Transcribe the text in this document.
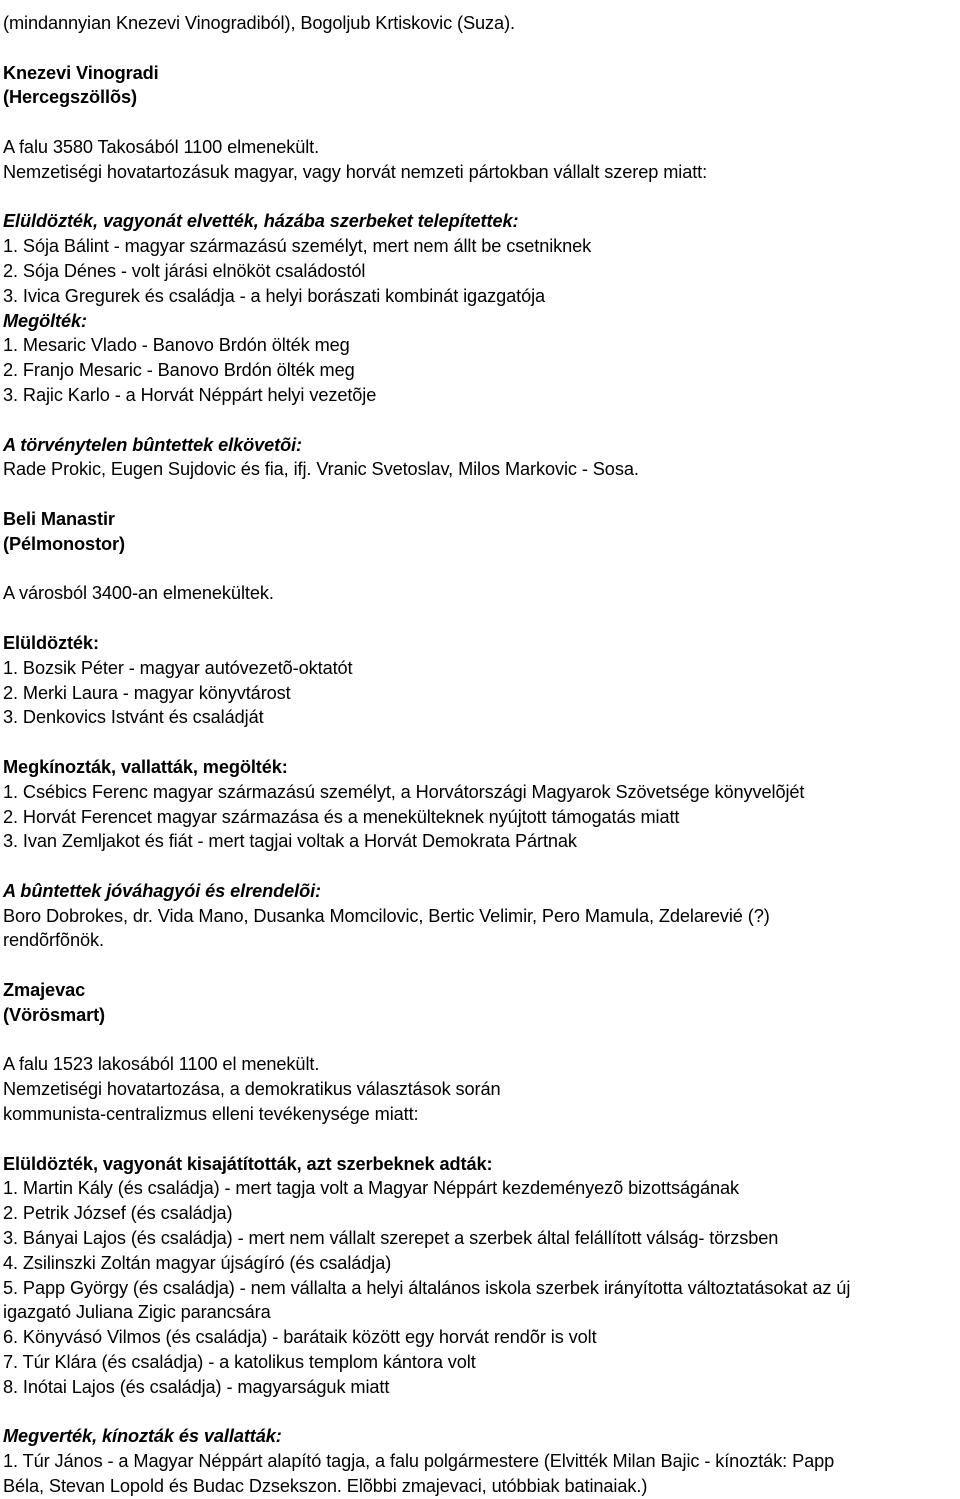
(mindannyian Knezevi Vinogradiból), Bogoljub Krtiskovic (Suza).
Knezevi Vinogradi
(Hercegszöllõs)
A falu 3580 Takosából 1100 elmenekült.
Nemzetiségi hovatartozásuk magyar, vagy horvát nemzeti pártokban vállalt szerep miatt:
Elüldözték, vagyonát elvették, házába szerbeket telepítettek:
1. Sója Bálint - magyar származású személyt, mert nem állt be csetniknek
2. Sója Dénes - volt járási elnököt családostól
3. Ivica Gregurek és családja - a helyi borászati kombinát igazgatója
Megölték:
1. Mesaric Vlado - Banovo Brdón ölték meg
2. Franjo Mesaric - Banovo Brdón ölték meg
3. Rajic Karlo - a Horvát Néppárt helyi vezetõje
A törvénytelen bûntettek elkövetõi:
Rade Prokic, Eugen Sujdovic és fia, ifj. Vranic Svetoslav, Milos Markovic - Sosa.
Beli Manastir
(Pélmonostor)
A városból 3400-an elmenekültek.
Elüldözték:
1. Bozsik Péter - magyar autóvezetõ-oktatót
2. Merki Laura - magyar könyvtárost
3. Denkovics Istvánt és családját
Megkínozták, vallatták, megölték:
1. Csébics Ferenc magyar származású személyt, a Horvátországi Magyarok Szövetsége könyvelõjét
2. Horvát Ferencet magyar származása és a menekülteknek nyújtott támogatás miatt
3. Ivan Zemljakot és fiát - mert tagjai voltak a Horvát Demokrata Pártnak
A bûntettek jóváhagyói és elrendelõi:
Boro Dobrokes, dr. Vida Mano, Dusanka Momcilovic, Bertic Velimir, Pero Mamula, Zdelarevié (?)
rendõrfõnök.
Zmajevac
(Vörösmart)
A falu 1523 lakosából 1100 el menekült.
Nemzetiségi hovatartozása, a demokratikus választások során
kommunista-centralizmus elleni tevékenysége miatt:
Elüldözték, vagyonát kisajátították, azt szerbeknek adták:
1. Martin Kály (és családja) - mert tagja volt a Magyar Néppárt kezdeményezõ bizottságának
2. Petrik József (és családja)
3. Bányai Lajos (és családja) - mert nem vállalt szerepet a szerbek által felállított válság- törzsben
4. Zsilinszki Zoltán magyar újságíró (és családja)
5. Papp György (és családja) - nem vállalta a helyi általános iskola szerbek irányította változtatásokat az új
igazgató Juliana Zigic parancsára
6. Könyvásó Vilmos (és családja) - barátaik között egy horvát rendõr is volt
7. Túr Klára (és családja) - a katolikus templom kántora volt
8. Inótai Lajos (és családja) - magyarságuk miatt
Megverték, kínozták és vallatták:
1. Túr János - a Magyar Néppárt alapító tagja, a falu polgármestere (Elvitték Milan Bajic - kínozták: Papp
Béla, Stevan Lopold és Budac Dzsekszon. Elõbbi zmajevaci, utóbbiak batinaiak.)
